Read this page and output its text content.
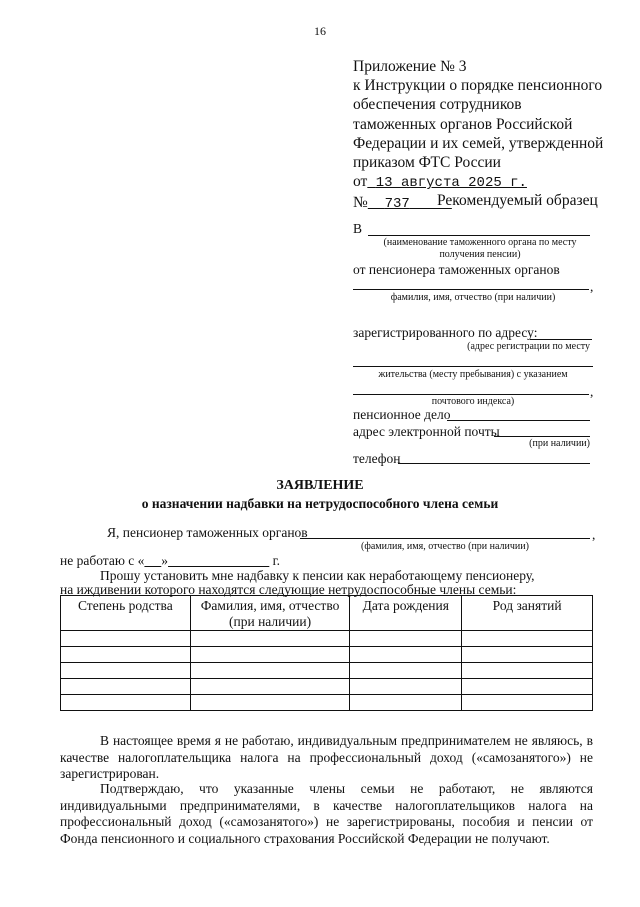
16
Приложение № 3
к Инструкции о порядке пенсионного
обеспечения сотрудников
таможенных органов Российской
Федерации и их семей, утвержденной
приказом ФТС России
от 13 августа 2025 г.№ 737	Рекомендуемый образец
В
(наименование таможенного органа по месту получения пенсии)
от пенсионера таможенных органов
,
фамилия, имя, отчество (при наличии)
зарегистрированного по адресу:
(адрес регистрации по месту
жительства (месту пребывания) с указанием
,
почтового индекса)
пенсионное дело
адрес электронной почты
(при наличии)
телефон
ЗАЯВЛЕНИЕ
о назначении надбавки на нетрудоспособного члена семьи
Я, пенсионер таможенных органов	,
(фамилия, имя, отчество (при наличии)
не работаю с « »	г.
Прошу установить мне надбавку к пенсии как неработающему пенсионеру,
на иждивении которого находятся следующие нетрудоспособные члены семьи:
Степень родства	Фамилия, имя, отчество (при наличии)	Дата рождения	Род занятий

В настоящее время я не работаю, индивидуальным предпринимателем не являюсь, в качестве налогоплательщика налога на профессиональный доход («самозанятого») не зарегистрирован.
Подтверждаю, что указанные члены семьи не работают, не являются индивидуальными предпринимателями, в качестве налогоплательщиков налога на профессиональный доход («самозанятого») не зарегистрированы, пособия и пенсии от Фонда пенсионного и социального страхования Российской Федерации не получают.
